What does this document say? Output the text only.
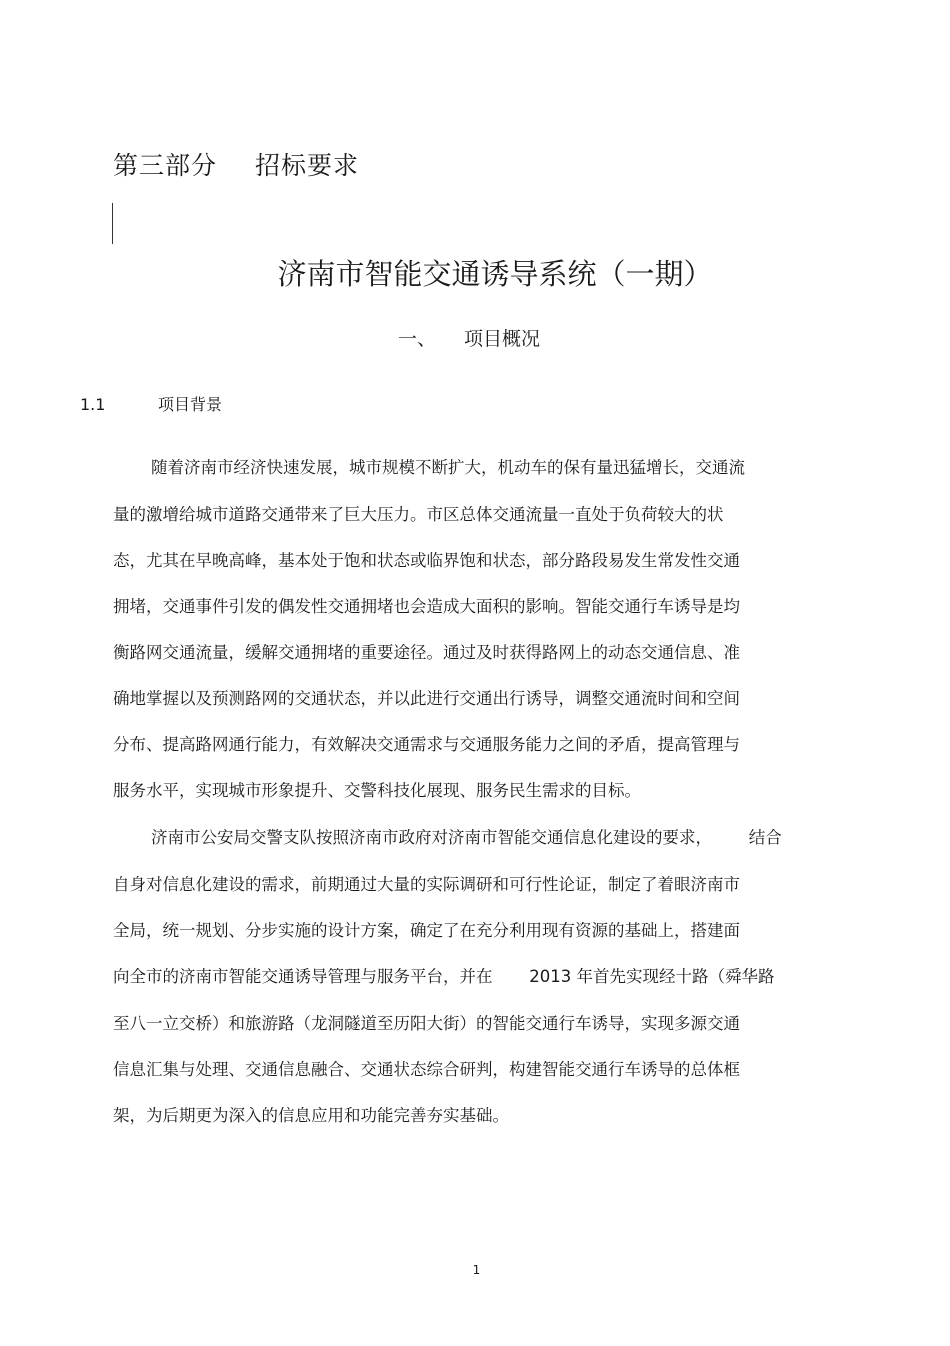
第三部分 招标要求
济南市智能交通诱导系统（一期）
一、 项目概况
1.1	项目背景
随着济南市经济快速发展，城市规模不断扩大，机动车的保有量迅猛增长，交通流
量的激增给城市道路交通带来了巨大压力。市区总体交通流量一直处于负荷较大的状
态，尤其在早晚高峰，基本处于饱和状态或临界饱和状态，部分路段易发生常发性交通
拥堵，交通事件引发的偶发性交通拥堵也会造成大面积的影响。智能交通行车诱导是均
衡路网交通流量，缓解交通拥堵的重要途径。通过及时获得路网上的动态交通信息、准
确地掌握以及预测路网的交通状态，并以此进行交通出行诱导，调整交通流时间和空间
分布、提高路网通行能力，有效解决交通需求与交通服务能力之间的矛盾，提高管理与
服务水平，实现城市形象提升、交警科技化展现、服务民生需求的目标。
济南市公安局交警支队按照济南市政府对济南市智能交通信息化建设的要求，       结合
自身对信息化建设的需求，前期通过大量的实际调研和可行性论证，制定了着眼济南市
全局，统一规划、分步实施的设计方案，确定了在充分利用现有资源的基础上，搭建面
向全市的济南市智能交通诱导管理与服务平台，并在       2013 年首先实现经十路（舜华路
至八一立交桥）和旅游路（龙洞隧道至历阳大街）的智能交通行车诱导，实现多源交通
信息汇集与处理、交通信息融合、交通状态综合研判，构建智能交通行车诱导的总体框
架，为后期更为深入的信息应用和功能完善夯实基础。
1
